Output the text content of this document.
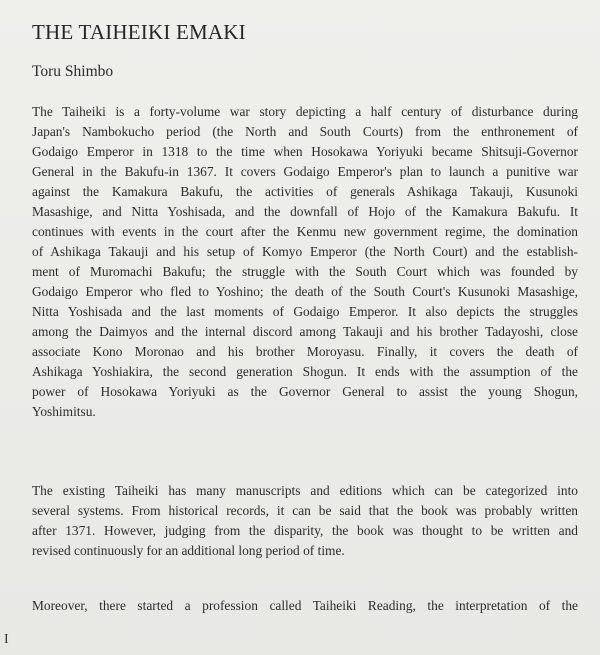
THE TAIHEIKI EMAKI
Toru Shimbo
The Taiheiki is a forty-volume war story depicting a half century of disturbance during
Japan's Nambokucho period (the North and South Courts) from the enthronement of
Godaigo Emperor in 1318 to the time when Hosokawa Yoriyuki became Shitsuji-Governor
General in the Bakufu-in 1367. It covers Godaigo Emperor's plan to launch a punitive war
against the Kamakura Bakufu, the activities of generals Ashikaga Takauji, Kusunoki
Masashige, and Nitta Yoshisada, and the downfall of Hojo of the Kamakura Bakufu. It
continues with events in the court after the Kenmu new government regime, the domination
of Ashikaga Takauji and his setup of Komyo Emperor (the North Court) and the establish-
ment of Muromachi Bakufu; the struggle with the South Court which was founded by
Godaigo Emperor who fled to Yoshino; the death of the South Court's Kusunoki Masashige,
Nitta Yoshisada and the last moments of Godaigo Emperor. It also depicts the struggles
among the Daimyos and the internal discord among Takauji and his brother Tadayoshi, close
associate Kono Moronao and his brother Moroyasu. Finally, it covers the death of
Ashikaga Yoshiakira, the second generation Shogun. It ends with the assumption of the
power of Hosokawa Yoriyuki as the Governor General to assist the young Shogun,
Yoshimitsu.
The existing Taiheiki has many manuscripts and editions which can be categorized into
several systems. From historical records, it can be said that the book was probably written
after 1371. However, judging from the disparity, the book was thought to be written and
revised continuously for an additional long period of time.
Moreover, there started a profession called Taiheiki Reading, the interpretation of the
I
